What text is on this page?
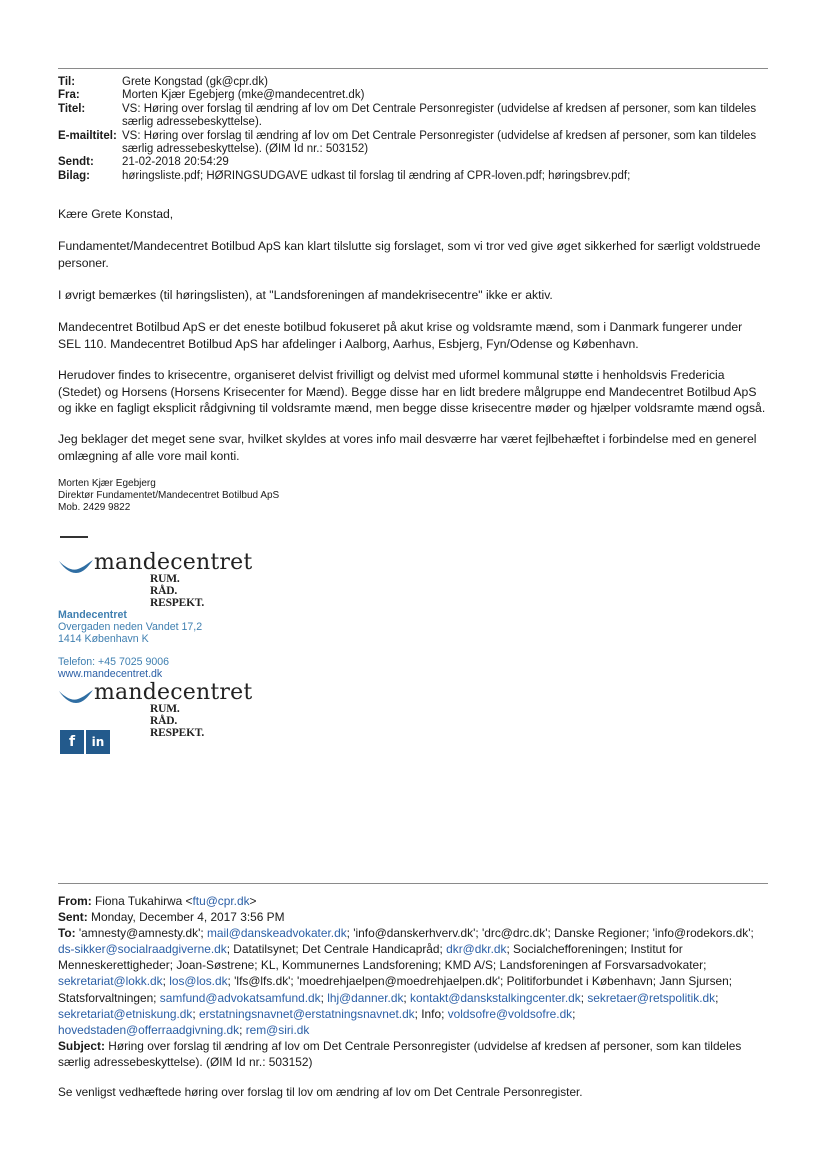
Til:	Grete Kongstad (gk@cpr.dk)
Fra:	Morten Kjær Egebjerg (mke@mandecentret.dk)
Titel:	VS: Høring over forslag til ændring af lov om Det Centrale Personregister (udvidelse af kredsen af personer, som kan tildeles særlig adressebeskyttelse).
E-mailtitel: VS: Høring over forslag til ændring af lov om Det Centrale Personregister (udvidelse af kredsen af personer, som kan tildeles særlig adressebeskyttelse). (ØIM Id nr.: 503152)
Sendt:	21-02-2018 20:54:29
Bilag:	høringsliste.pdf; HØRINGSUDGAVE udkast til forslag til ændring af CPR-loven.pdf; høringsbrev.pdf;
Kære Grete Konstad,
Fundamentet/Mandecentret Botilbud ApS kan klart tilslutte sig forslaget, som vi tror ved give øget sikkerhed for særligt voldstruede personer.
I øvrigt bemærkes (til høringslisten), at "Landsforeningen af mandekrisecentre" ikke er aktiv.
Mandecentret Botilbud ApS er det eneste botilbud fokuseret på akut krise og voldsramte mænd, som i Danmark fungerer under SEL 110. Mandecentret Botilbud ApS har afdelinger i Aalborg, Aarhus, Esbjerg, Fyn/Odense og København.
Herudover findes to krisecentre, organiseret delvist frivilligt og delvist med uformel kommunal støtte i henholdsvis Fredericia (Stedet) og Horsens (Horsens Krisecenter for Mænd). Begge disse har en lidt bredere målgruppe end Mandecentret Botilbud ApS og ikke en fagligt eksplicit rådgivning til voldsramte mænd, men begge disse krisecentre møder og hjælper voldsramte mænd også.
Jeg beklager det meget sene svar, hvilket skyldes at vores info mail desværre har været fejlbehæftet i forbindelse med en generel omlægning af alle vore mail konti.
Morten Kjær Egebjerg
Direktør Fundamentet/Mandecentret Botilbud ApS
Mob. 2429 9822
mandecentret
RUM. RÅD. RESPEKT.
Mandecentret
Overgaden neden Vandet 17,2
1414 København K
Telefon: +45 7025 9006
www.mandecentret.dk
mandecentret
RUM. RÅD. RESPEKT.
f	in
From: Fiona Tukahirwa <ftu@cpr.dk>
Sent: Monday, December 4, 2017 3:56 PM
To: 'amnesty@amnesty.dk'; mail@danskeadvokater.dk; 'info@danskerhverv.dk'; 'drc@drc.dk'; Danske Regioner; 'info@rodekors.dk'; ds-sikker@socialraadgiverne.dk; Datatilsynet; Det Centrale Handicapråd; dkr@dkr.dk; Socialchefforeningen; Institut for Menneskerettigheder; Joan-Søstrene; KL, Kommunernes Landsforening; KMD A/S; Landsforeningen af Forsvarsadvokater; sekretariat@lokk.dk; los@los.dk; 'lfs@lfs.dk'; 'moedrehjaelpen@moedrehjaelpen.dk'; Politiforbundet i København; Jann Sjursen; Statsforvaltningen; samfund@advokatsamfund.dk; lhj@danner.dk; kontakt@danskstalkingcenter.dk; sekretaer@retspolitik.dk; sekretariat@etniskung.dk; erstatningsnavnet@erstatningsnavnet.dk; Info; voldsofre@voldsofre.dk; hovedstaden@offerraadgivning.dk; rem@siri.dk
Subject: Høring over forslag til ændring af lov om Det Centrale Personregister (udvidelse af kredsen af personer, som kan tildeles særlig adressebeskyttelse). (ØIM Id nr.: 503152)
Se venligst vedhæftede høring over forslag til lov om ændring af lov om Det Centrale Personregister.
